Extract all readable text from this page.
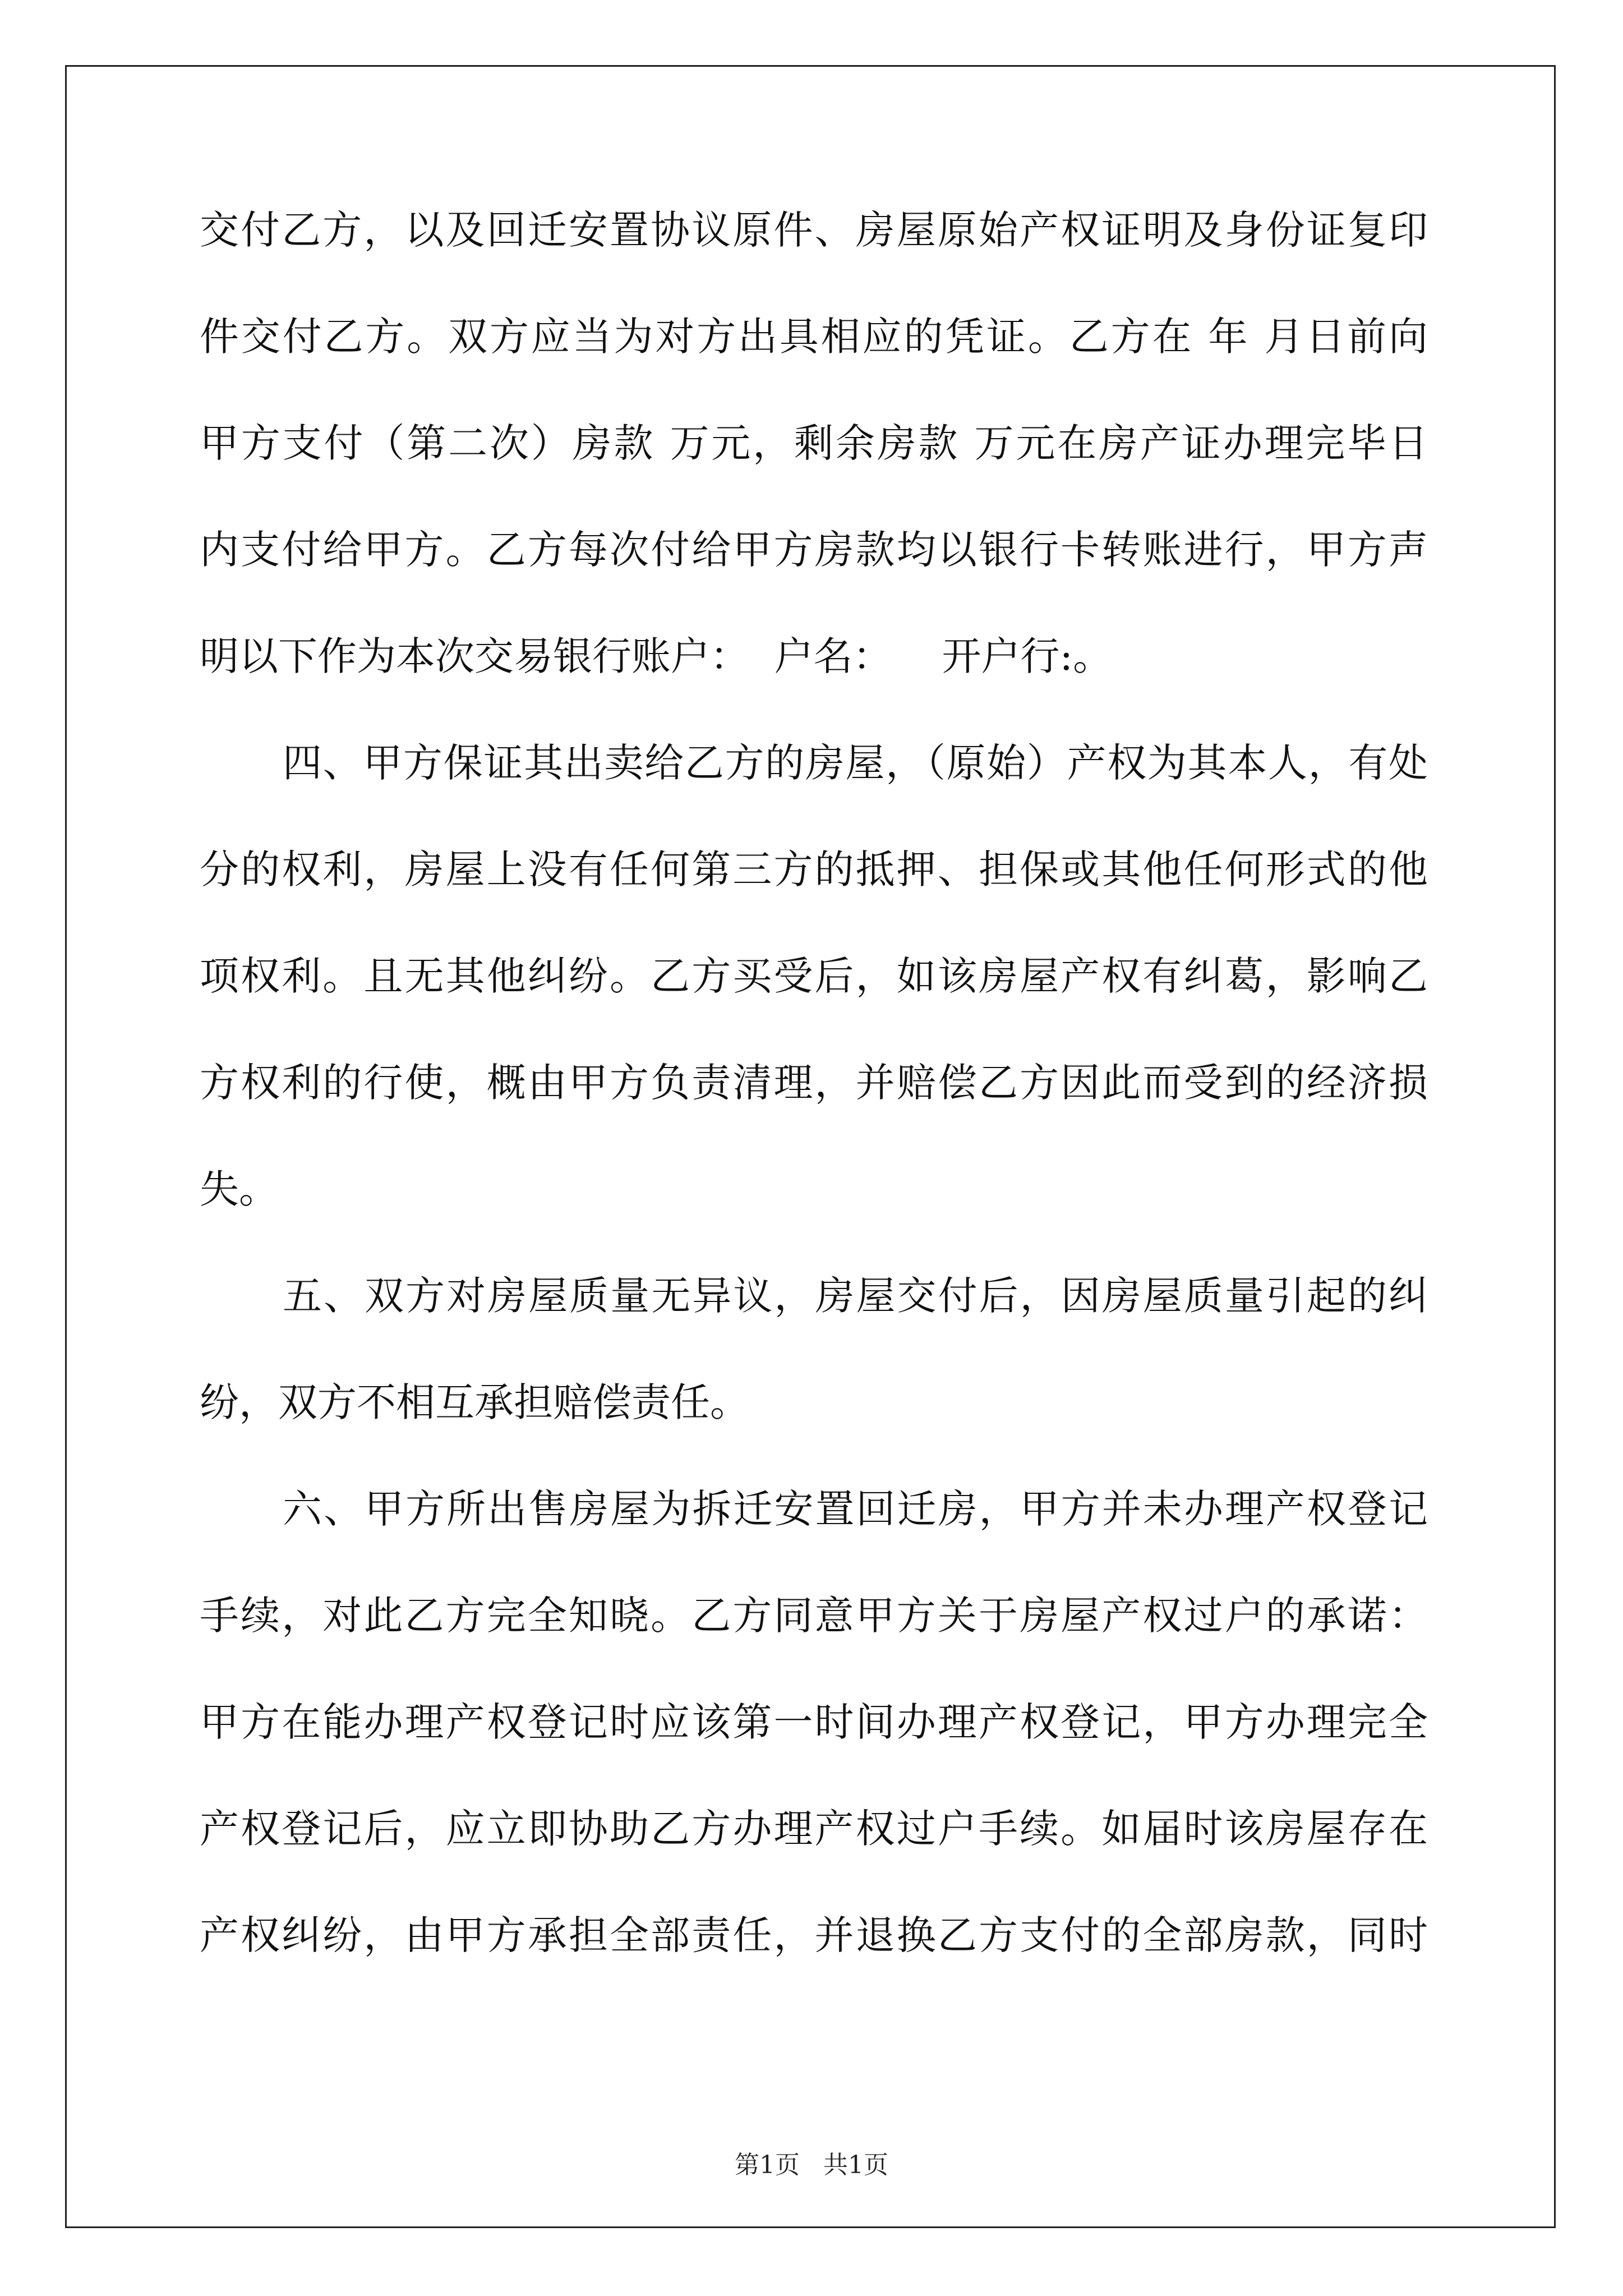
交付乙方，以及回迁安置协议原件、房屋原始产权证明及身份证复印
件交付乙方。双方应当为对方出具相应的凭证。乙方在 年 月日前向
甲方支付（第二次）房款 万元，剩余房款 万元在房产证办理完毕日
内支付给甲方。乙方每次付给甲方房款均以银行卡转账进行，甲方声
明以下作为本次交易银行账户：  户名：    开户行:。
四、甲方保证其出卖给乙方的房屋，（原始）产权为其本人，有处
分的权利，房屋上没有任何第三方的抵押、担保或其他任何形式的他
项权利。且无其他纠纷。乙方买受后，如该房屋产权有纠葛，影响乙
方权利的行使，概由甲方负责清理，并赔偿乙方因此而受到的经济损
失。
五、双方对房屋质量无异议，房屋交付后，因房屋质量引起的纠
纷，双方不相互承担赔偿责任。
六、甲方所出售房屋为拆迁安置回迁房，甲方并未办理产权登记
手续，对此乙方完全知晓。乙方同意甲方关于房屋产权过户的承诺：
甲方在能办理产权登记时应该第一时间办理产权登记，甲方办理完全
产权登记后，应立即协助乙方办理产权过户手续。如届时该房屋存在
产权纠纷，由甲方承担全部责任，并退换乙方支付的全部房款，同时
第1页   共1页
